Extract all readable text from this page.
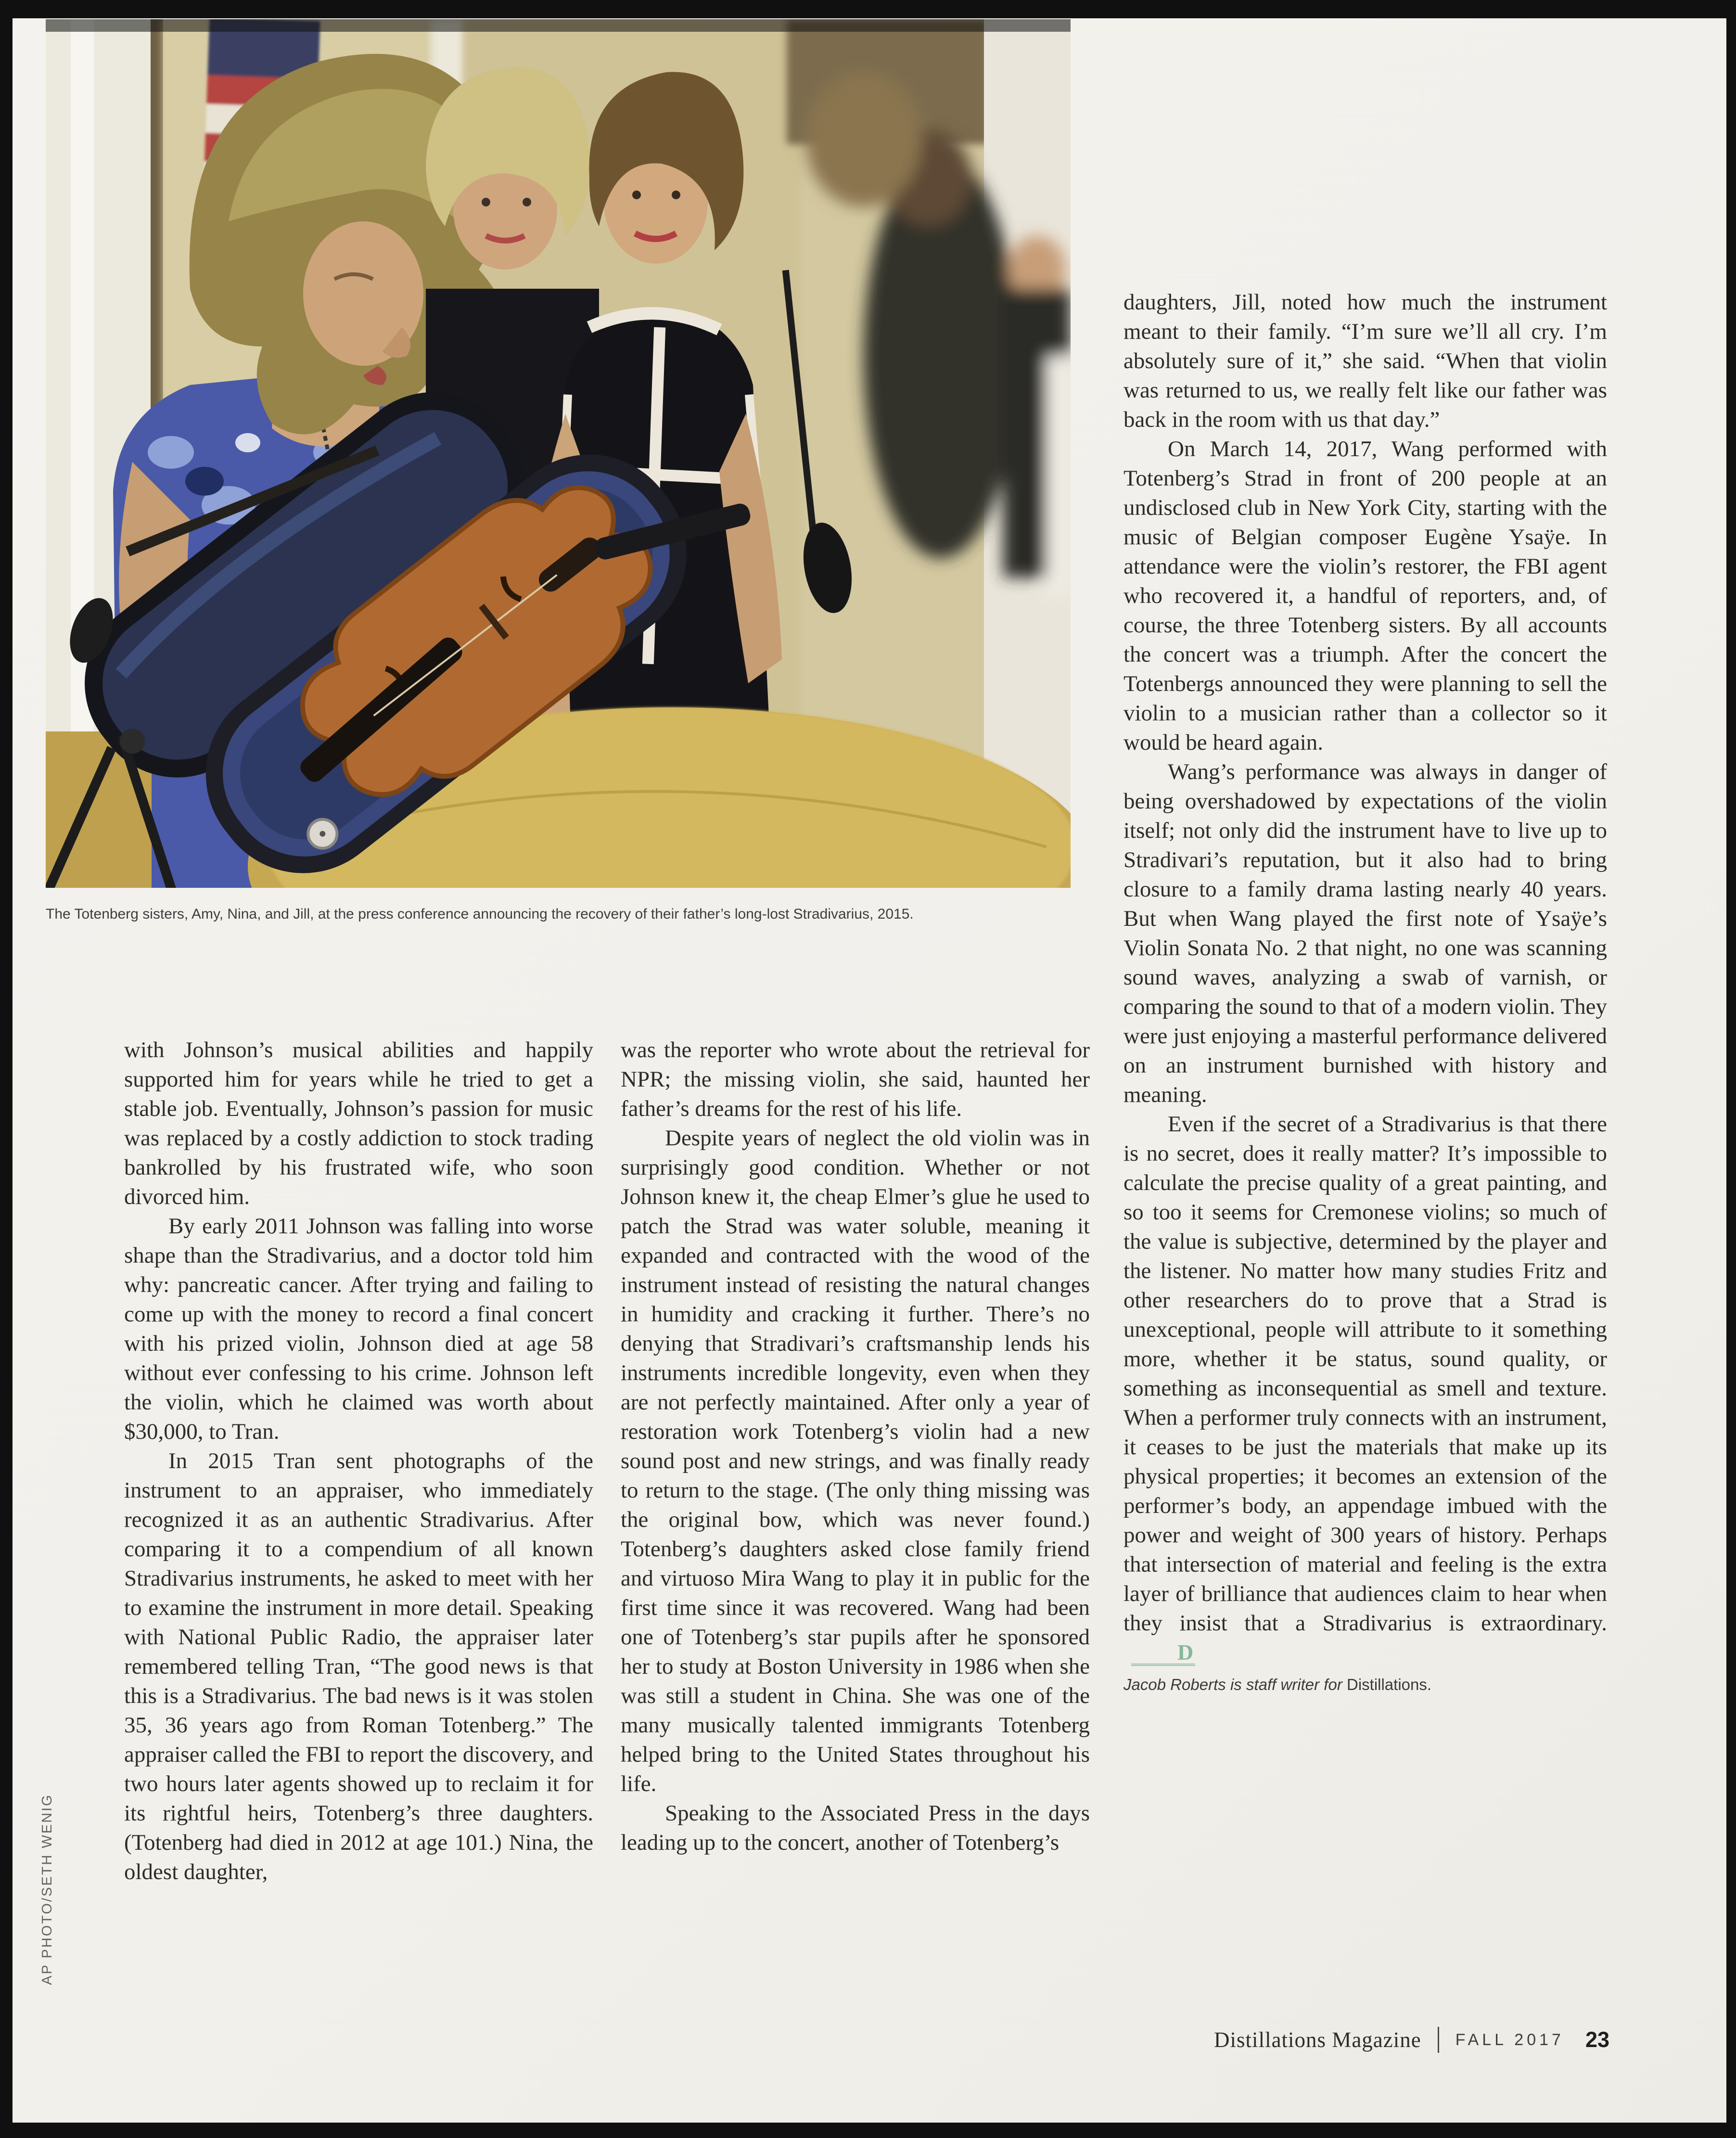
The Totenberg sisters, Amy, Nina, and Jill, at the press conference announcing the recovery of their father’s long-lost Stradivarius, 2015.
AP PHOTO/SETH WENIG

with Johnson’s musical abilities and happily supported him for years while he tried to get a stable job. Eventually, Johnson’s passion for music was replaced by a costly addiction to stock trading bankrolled by his frustrated wife, who soon divorced him.

By early 2011 Johnson was falling into worse shape than the Stradivarius, and a doctor told him why: pancreatic cancer. After trying and failing to come up with the money to record a final concert with his prized violin, Johnson died at age 58 without ever confessing to his crime. Johnson left the violin, which he claimed was worth about $30,000, to Tran.

In 2015 Tran sent photographs of the instrument to an appraiser, who immediately recognized it as an authentic Stradivarius. After comparing it to a compendium of all known Stradivarius instruments, he asked to meet with her to examine the instrument in more detail. Speaking with National Public Radio, the appraiser later remembered telling Tran, “The good news is that this is a Stradivarius. The bad news is it was stolen 35, 36 years ago from Roman Totenberg.” The appraiser called the FBI to report the discovery, and two hours later agents showed up to reclaim it for its rightful heirs, Totenberg’s three daughters. (Totenberg had died in 2012 at age 101.) Nina, the oldest daughter,

was the reporter who wrote about the retrieval for NPR; the missing violin, she said, haunted her father’s dreams for the rest of his life.

Despite years of neglect the old violin was in surprisingly good condition. Whether or not Johnson knew it, the cheap Elmer’s glue he used to patch the Strad was water soluble, meaning it expanded and contracted with the wood of the instrument instead of resisting the natural changes in humidity and cracking it further. There’s no denying that Stradivari’s craftsmanship lends his instruments incredible longevity, even when they are not perfectly maintained. After only a year of restoration work Totenberg’s violin had a new sound post and new strings, and was finally ready to return to the stage. (The only thing missing was the original bow, which was never found.) Totenberg’s daughters asked close family friend and virtuoso Mira Wang to play it in public for the first time since it was recovered. Wang had been one of Totenberg’s star pupils after he sponsored her to study at Boston University in 1986 when she was still a student in China. She was one of the many musically talented immigrants Totenberg helped bring to the United States throughout his life.

Speaking to the Associated Press in the days leading up to the concert, another of Totenberg’s

daughters, Jill, noted how much the instrument meant to their family. “I’m sure we’ll all cry. I’m absolutely sure of it,” she said. “When that violin was returned to us, we really felt like our father was back in the room with us that day.”

On March 14, 2017, Wang performed with Totenberg’s Strad in front of 200 people at an undisclosed club in New York City, starting with the music of Belgian composer Eugène Ysaÿe. In attendance were the violin’s restorer, the FBI agent who recovered it, a handful of reporters, and, of course, the three Totenberg sisters. By all accounts the concert was a triumph. After the concert the Totenbergs announced they were planning to sell the violin to a musician rather than a collector so it would be heard again.

Wang’s performance was always in danger of being overshadowed by expectations of the violin itself; not only did the instrument have to live up to Stradivari’s reputation, but it also had to bring closure to a family drama lasting nearly 40 years. But when Wang played the first note of Ysaÿe’s Violin Sonata No. 2 that night, no one was scanning sound waves, analyzing a swab of varnish, or comparing the sound to that of a modern violin. They were just enjoying a masterful performance delivered on an instrument burnished with history and meaning.

Even if the secret of a Stradivarius is that there is no secret, does it really matter? It’s impossible to calculate the precise quality of a great painting, and so too it seems for Cremonese violins; so much of the value is subjective, determined by the player and the listener. No matter how many studies Fritz and other researchers do to prove that a Strad is unexceptional, people will attribute to it something more, whether it be status, sound quality, or something as inconsequential as smell and texture. When a performer truly connects with an instrument, it ceases to be just the materials that make up its physical properties; it becomes an extension of the performer’s body, an appendage imbued with the power and weight of 300 years of history. Perhaps that intersection of material and feeling is the extra layer of brilliance that audiences claim to hear when they insist that a Stradivarius is extraordinary.D

Jacob Roberts is staff writer for Distillations.
Distillations Magazine FALL 2017 23
